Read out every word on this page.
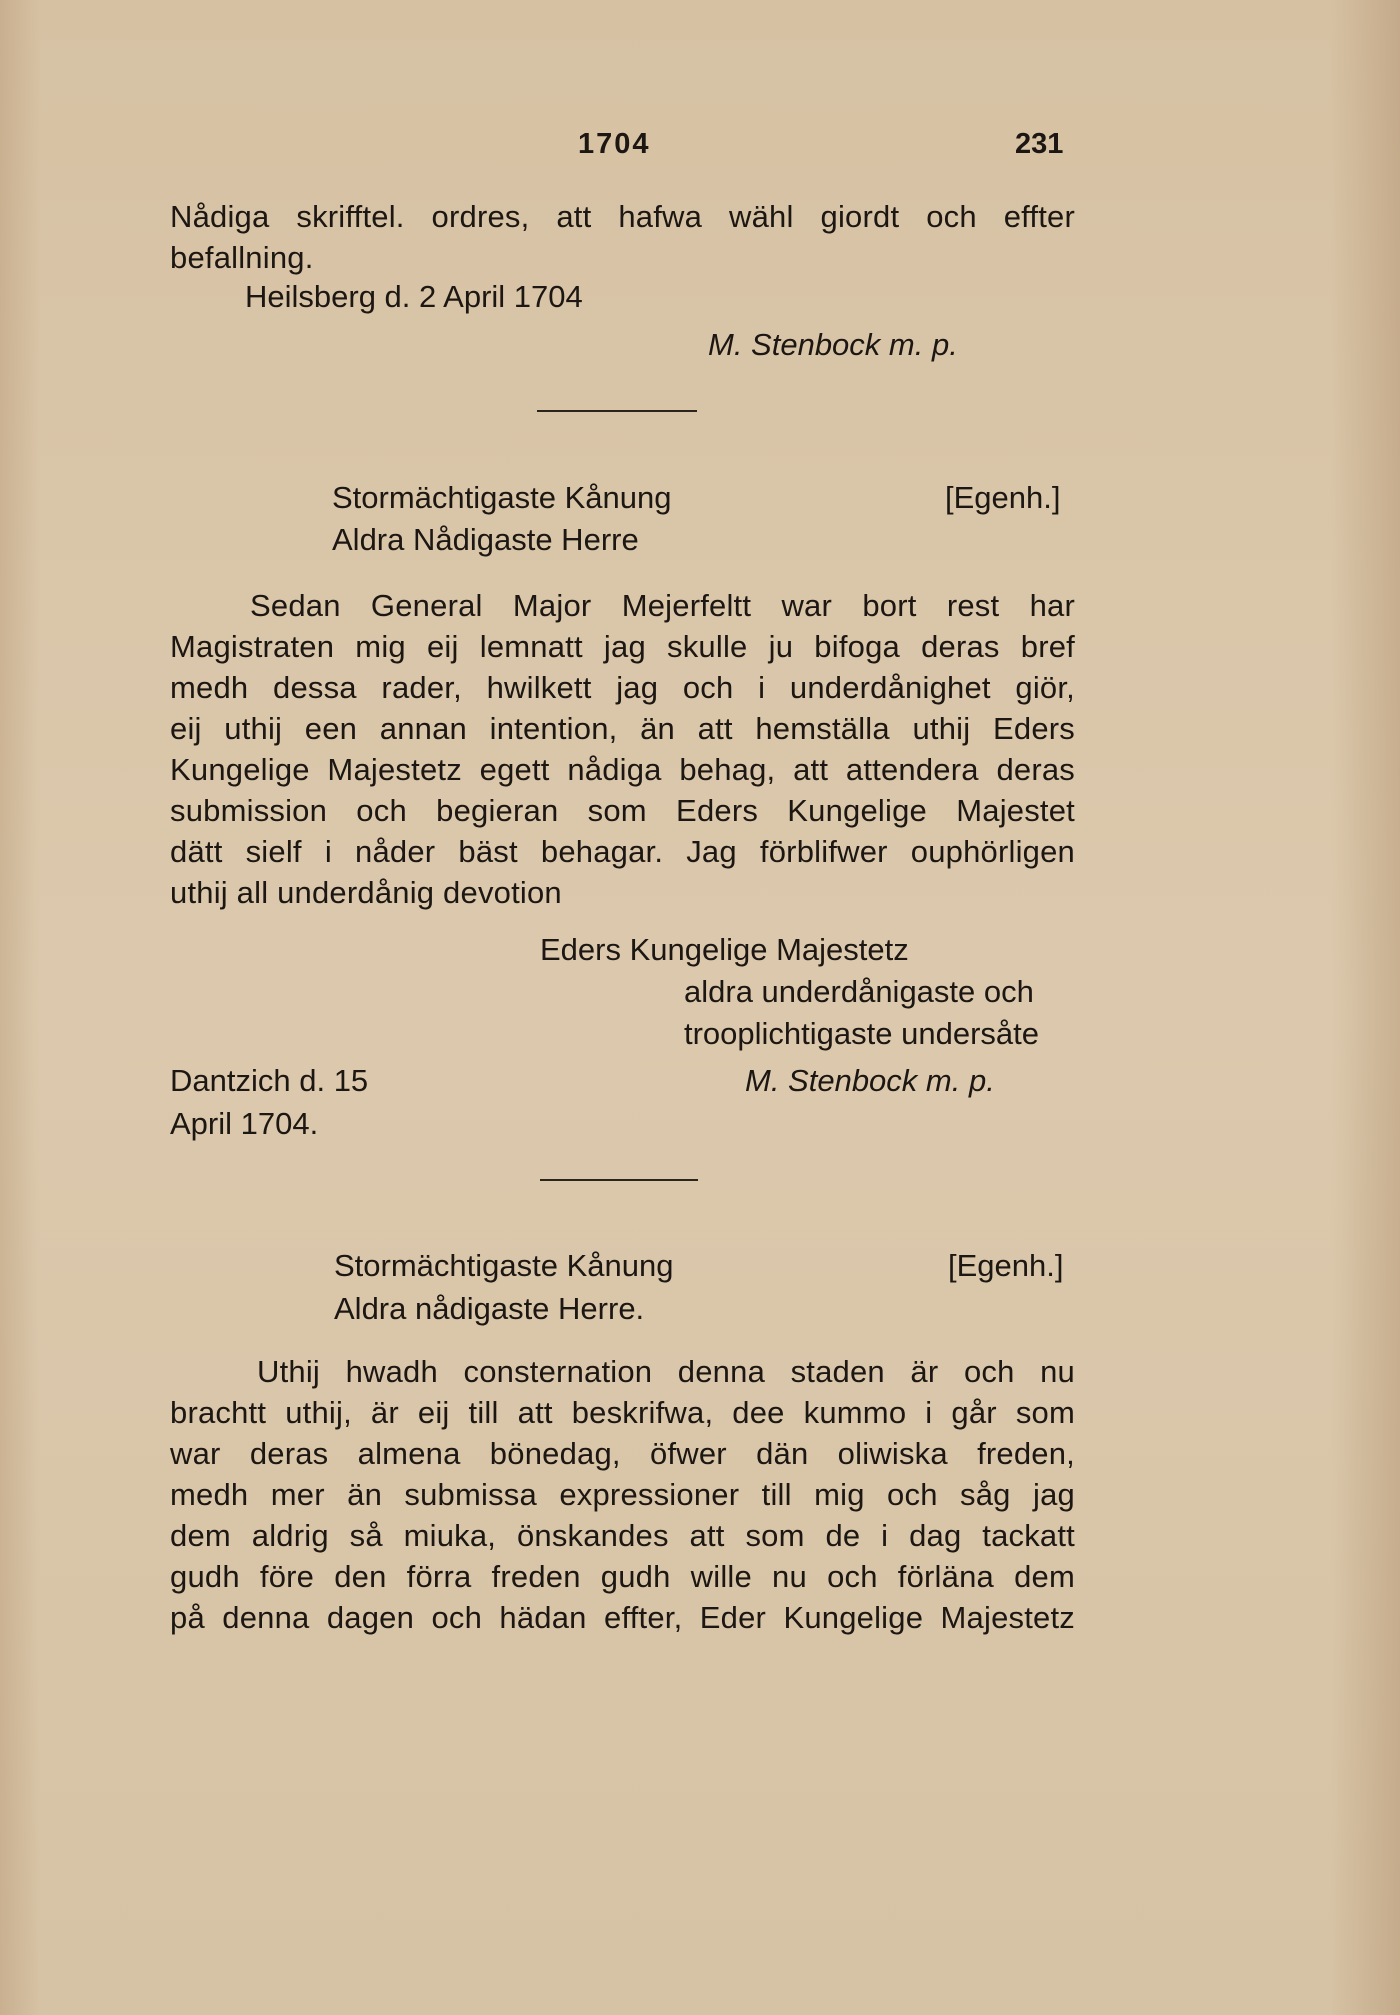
1704	231
Nådiga skrifftel. ordres, att hafwa wähl giordt och effter
befallning.
Heilsberg d. 2 April 1704
M. Stenbock m. p.
Stormächtigaste Kånung	[Egenh.]
Aldra Nådigaste Herre
Sedan General Major Mejerfeltt war bort rest har
Magistraten mig eij lemnatt jag skulle ju bifoga deras bref
medh dessa rader, hwilkett jag och i underdånighet giör,
eij uthij een annan intention, än att hemställa uthij Eders
Kungelige Majestetz egett nådiga behag, att attendera deras
submission och begieran som Eders Kungelige Majestet
dätt sielf i nåder bäst behagar. Jag förblifwer ouphörligen
uthij all underdånig devotion
Eders Kungelige Majestetz
aldra underdånigaste och
trooplichtigaste undersåte
Dantzich d. 15	M. Stenbock m. p.
April 1704.
Stormächtigaste Kånung	[Egenh.]
Aldra nådigaste Herre.
Uthij hwadh consternation denna staden är och nu
brachtt uthij, är eij till att beskrifwa, dee kummo i går som
war deras almena bönedag, öfwer dän oliwiska freden,
medh mer än submissa expressioner till mig och såg jag
dem aldrig så miuka, önskandes att som de i dag tackatt
gudh före den förra freden gudh wille nu och förläna dem
på denna dagen och hädan effter, Eder Kungelige Majestetz
